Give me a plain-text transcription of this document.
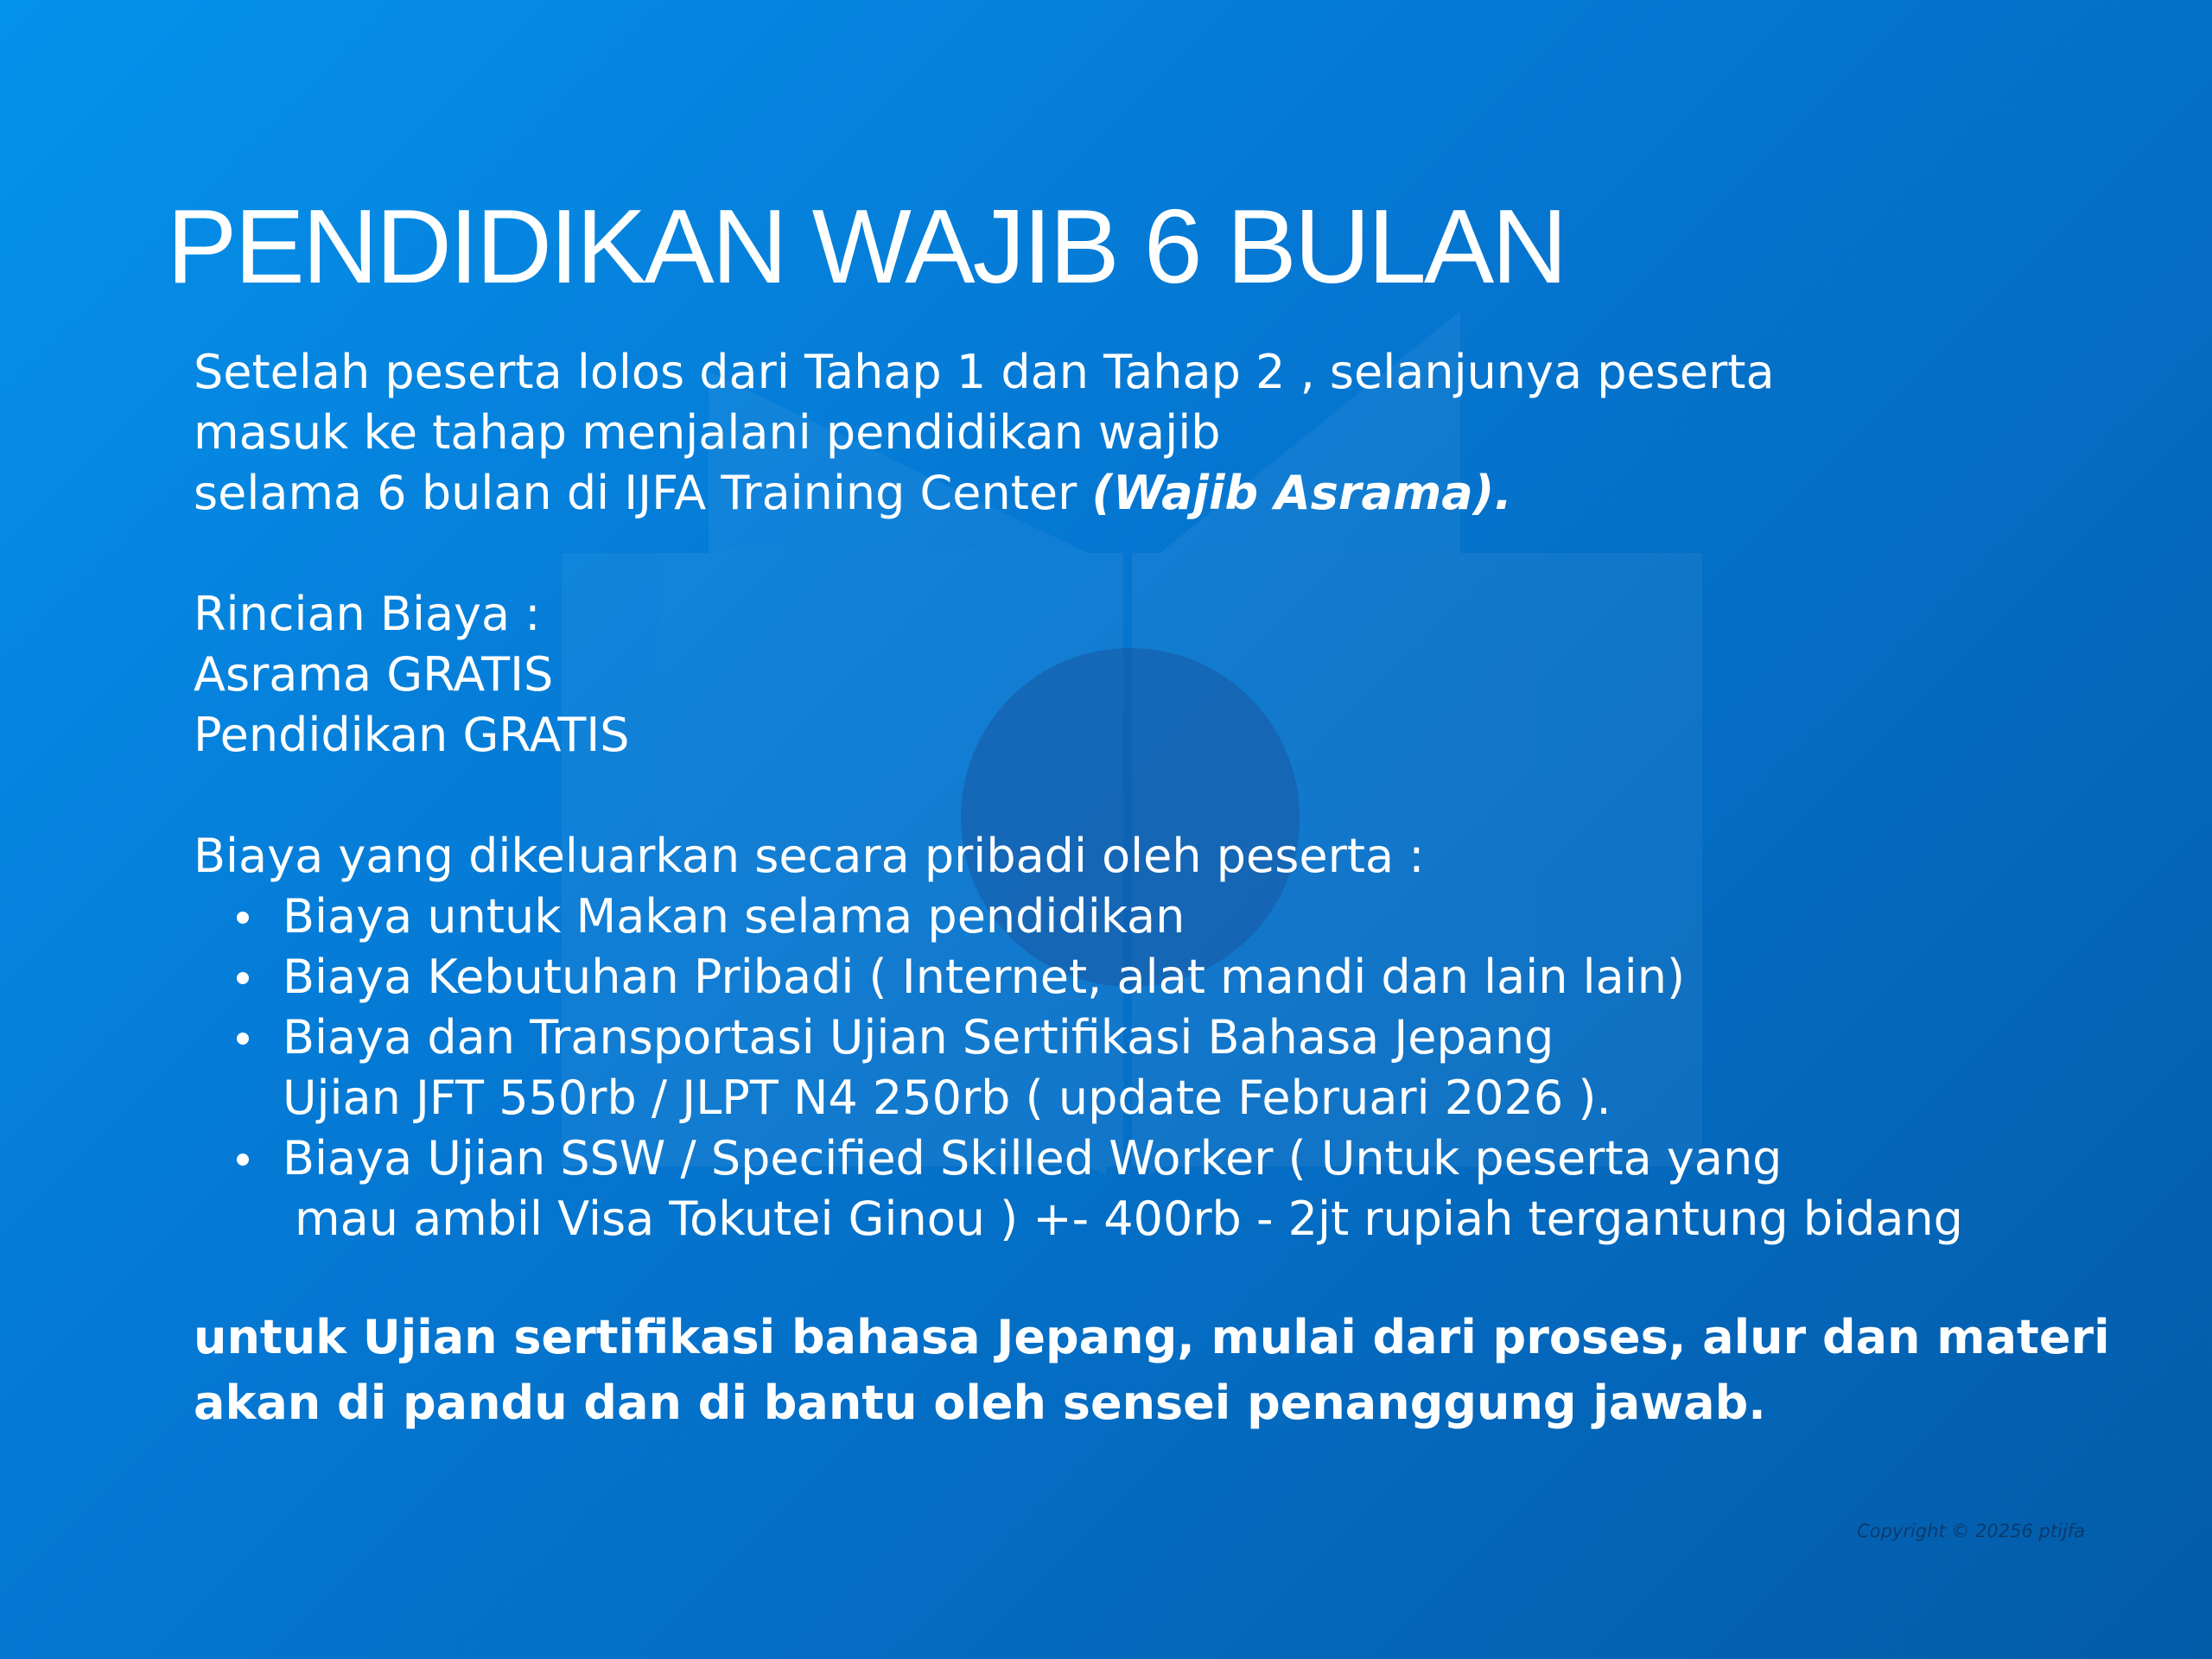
PENDIDIKAN WAJIB 6 BULAN
Setelah peserta lolos dari Tahap 1 dan Tahap 2 , selanjunya peserta
masuk ke tahap menjalani pendidikan wajib
selama 6 bulan di IJFA Training Center (Wajib Asrama).
Rincian Biaya :
Asrama GRATIS
Pendidikan GRATIS
Biaya yang dikeluarkan secara pribadi oleh peserta :
Biaya untuk Makan selama pendidikan
Biaya Kebutuhan Pribadi ( Internet, alat mandi dan lain lain)
Biaya dan Transportasi Ujian Sertifikasi Bahasa Jepang
Ujian JFT 550rb / JLPT N4 250rb ( update Februari 2026 ).
Biaya Ujian SSW / Specified Skilled Worker ( Untuk peserta yang
mau ambil Visa Tokutei Ginou ) +- 400rb - 2jt rupiah tergantung bidang
untuk Ujian sertifikasi bahasa Jepang, mulai dari proses, alur dan materi
akan di pandu dan di bantu oleh sensei penanggung jawab.
Copyright © 20256 ptijfa
